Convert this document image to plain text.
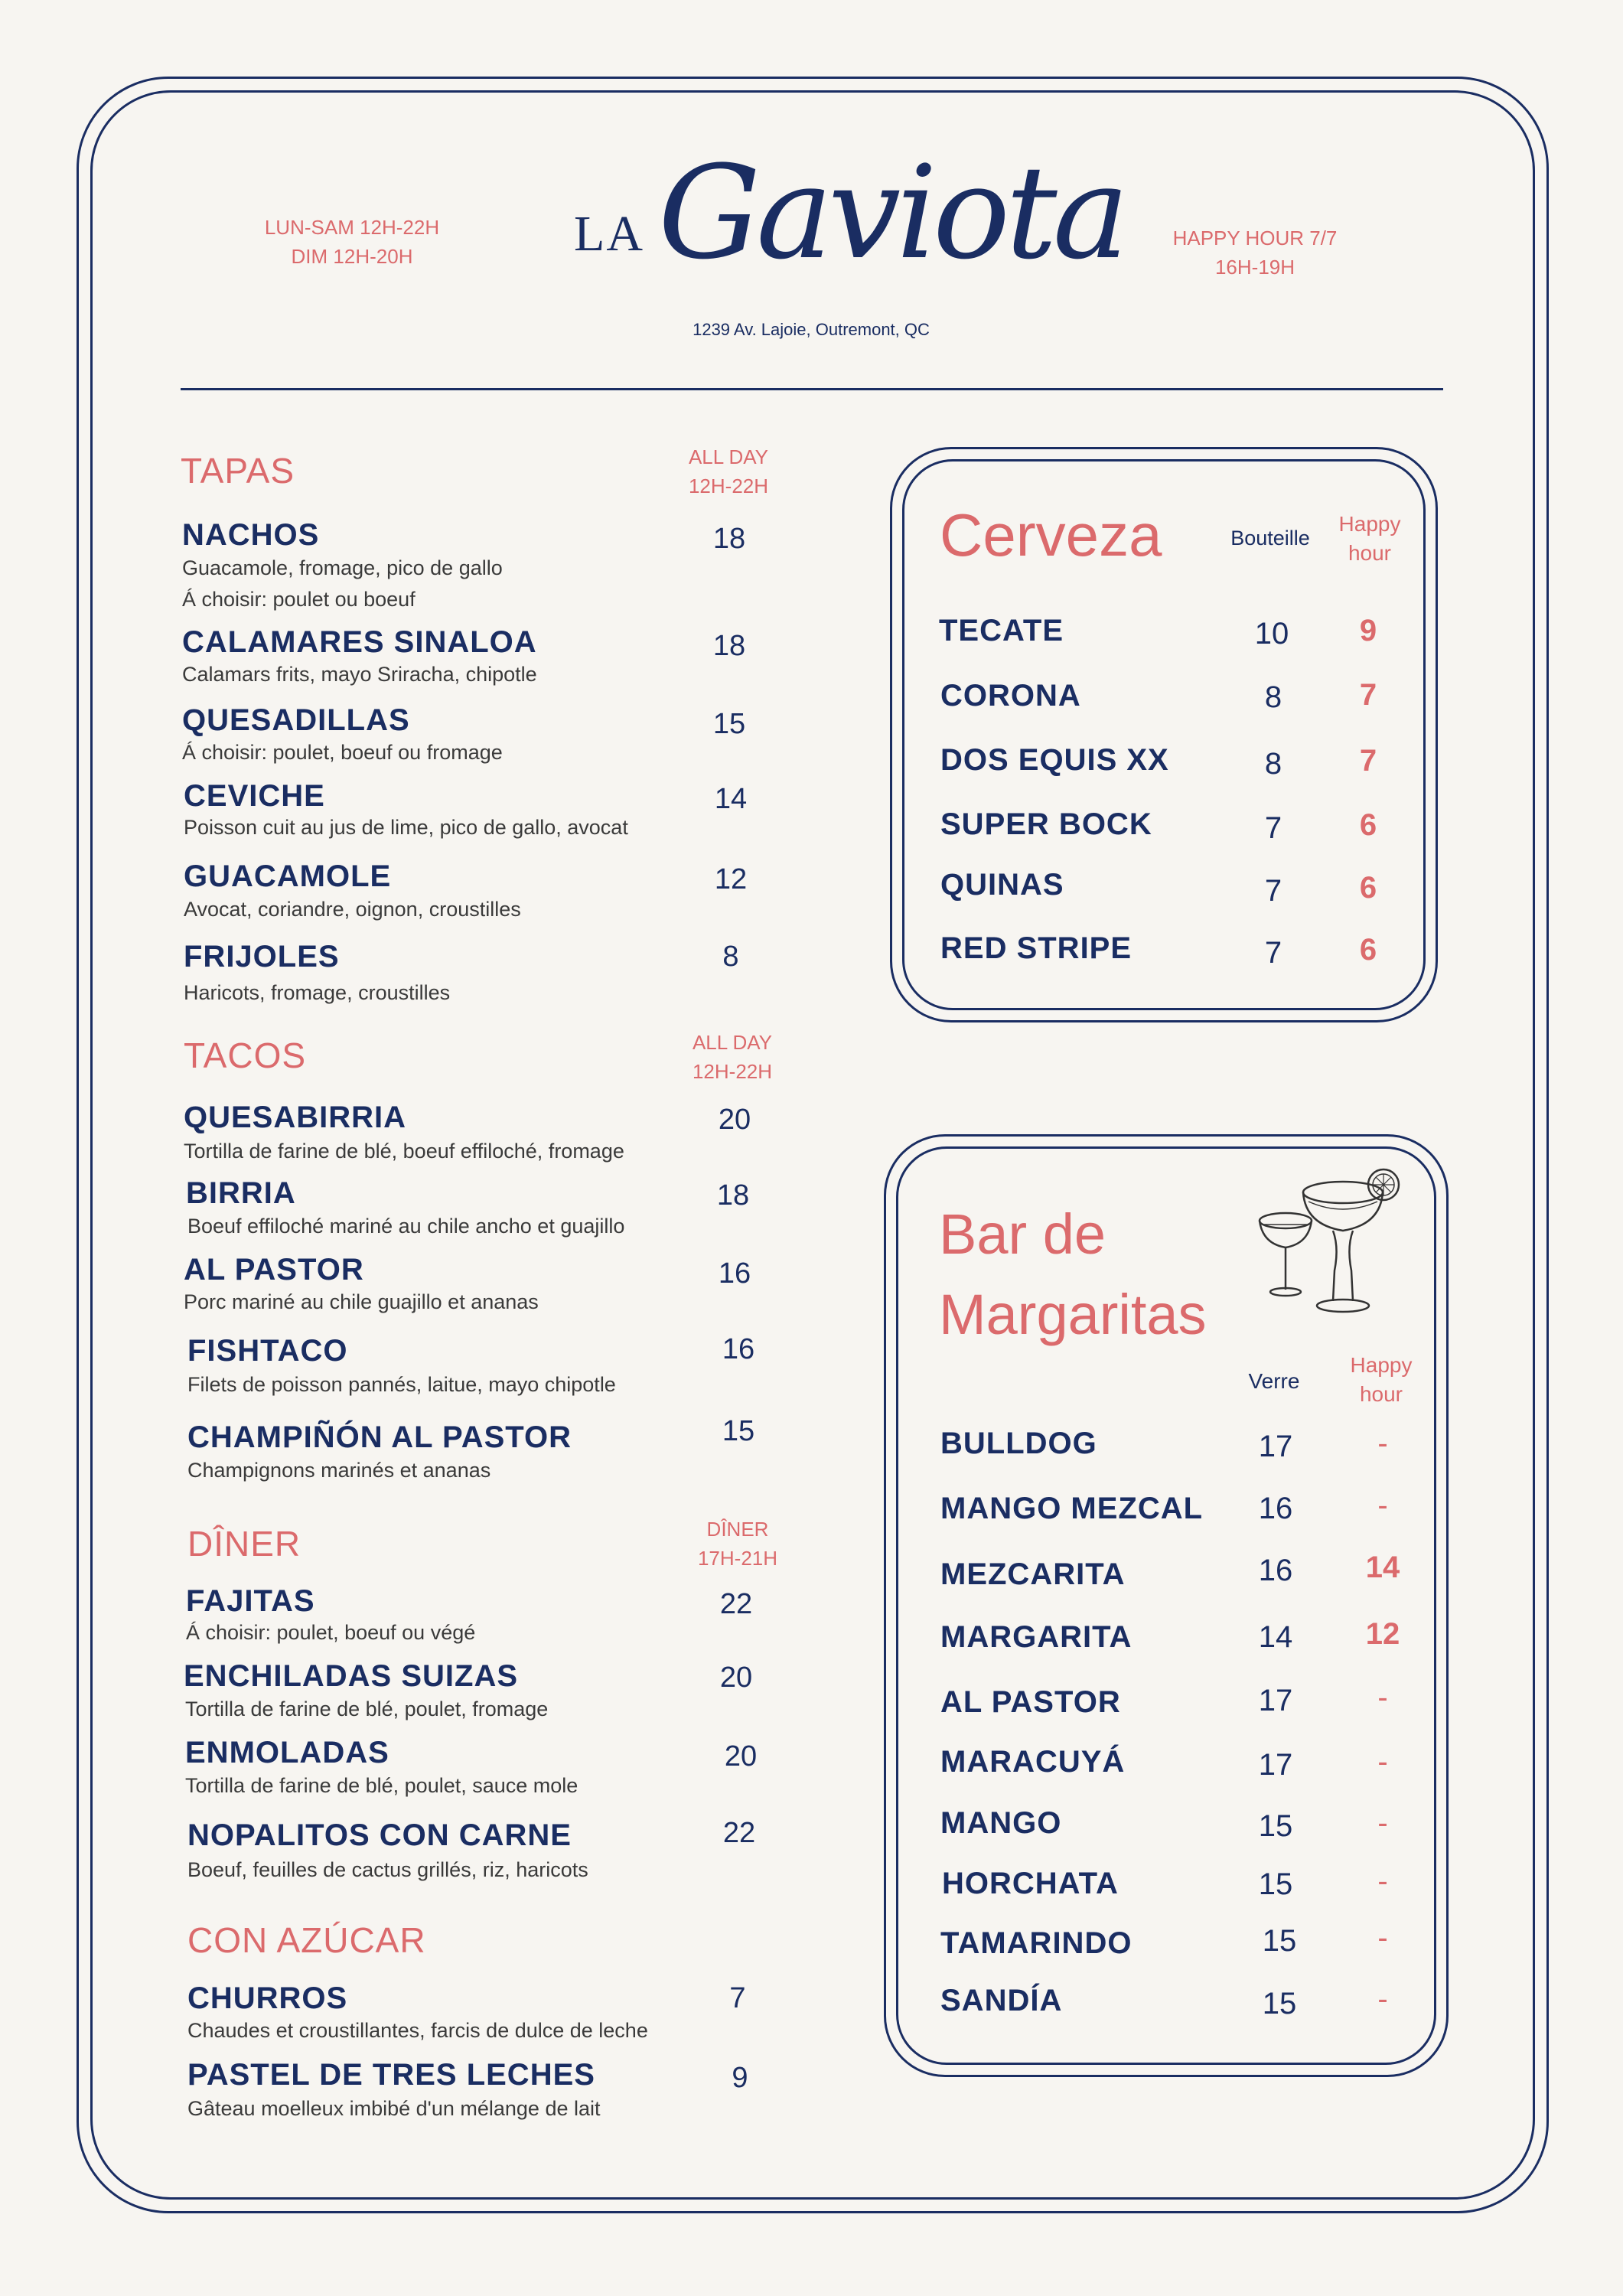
LUN-SAM 12H-22H
DIM 12H-20H	LA Gaviota
1239 Av. Lajoie, Outremont, QC
HAPPY HOUR 7/7
16H-19H
TAPAS	ALL DAY
12H-22H
NACHOS
Guacamole, fromage, pico de gallo
Á choisir: poulet ou boeuf
18
CALAMARES SINALOA
Calamars frits, mayo Sriracha, chipotle
18
QUESADILLAS
Á choisir: poulet, boeuf ou fromage
15
CEVICHE
Poisson cuit au jus de lime, pico de gallo, avocat
14
GUACAMOLE
Avocat, coriandre, oignon, croustilles
12
FRIJOLES
Haricots, fromage, croustilles
8
TACOS	ALL DAY
12H-22H
QUESABIRRIA
Tortilla de farine de blé, boeuf effiloché, fromage
20
BIRRIA
Boeuf effiloché mariné au chile ancho et guajillo
18
AL PASTOR
Porc mariné au chile guajillo et ananas
16
FISHTACO
Filets de poisson pannés, laitue, mayo chipotle
16
CHAMPIÑÓN AL PASTOR
Champignons marinés et ananas
15
DÎNER	DÎNER
17H-21H
FAJITAS
Á choisir: poulet, boeuf ou végé
22
ENCHILADAS SUIZAS
Tortilla de farine de blé, poulet, fromage
20
ENMOLADAS
Tortilla de farine de blé, poulet, sauce mole
20
NOPALITOS CON CARNE
Boeuf, feuilles de cactus grillés, riz, haricots
22
CON AZÚCAR
CHURROS
Chaudes et croustillantes, farcis de dulce de leche
7
PASTEL DE TRES LECHES
Gâteau moelleux imbibé d'un mélange de lait
9
Cerveza	Bouteille
Happy
hour
TECATE	10	9
CORONA	8	7
DOS EQUIS XX	8	7
SUPER BOCK	7	6
QUINAS	7	6
RED STRIPE	7	6
Bar de
Margaritas
Verre
Happy
hour
BULLDOG	17	-
MANGO MEZCAL	16	-
MEZCARITA	16	14
MARGARITA	14	12
AL PASTOR	17	-
MARACUYÁ	17	-
MANGO	15	-
HORCHATA	15	-
TAMARINDO	15	-
SANDÍA	15	-
